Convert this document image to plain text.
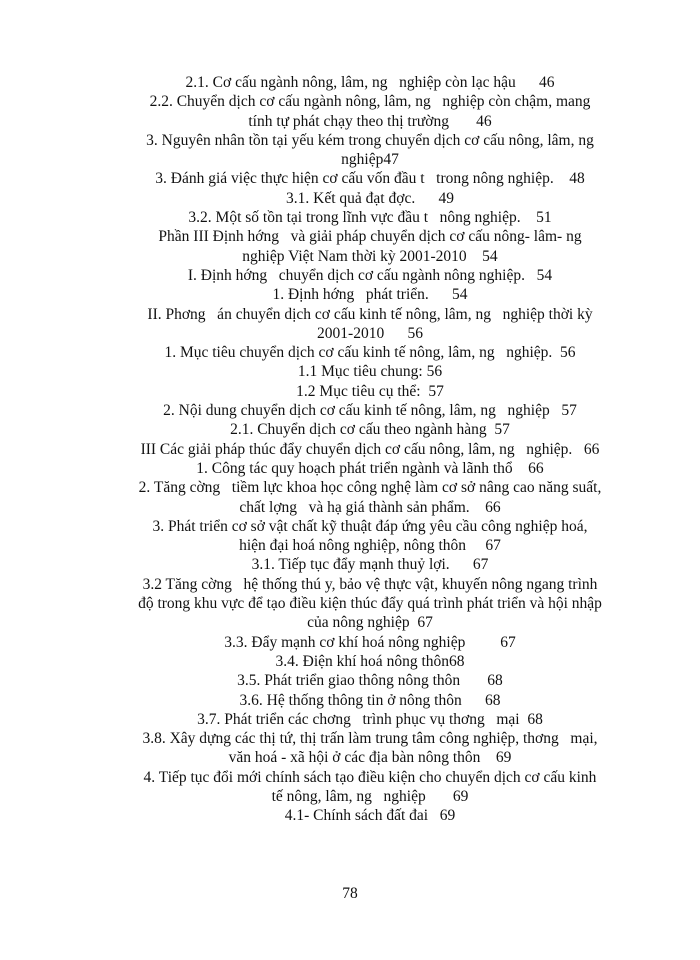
2.1. Cơ cấu ngành nông, lâm, ng   nghiệp còn lạc hậu      46
2.2. Chuyển dịch cơ cấu ngành nông, lâm, ng   nghiệp còn chậm, mang
tính tự phát chạy theo thị trường       46
3. Nguyên nhân tồn tại yếu kém trong chuyển dịch cơ cấu nông, lâm, ng
nghiệp47
3. Đánh giá việc thực hiện cơ cấu vốn đầu t   trong nông nghiệp.    48
3.1. Kết quả đạt đợc.      49
3.2. Một số tồn tại trong lĩnh vực đầu t   nông nghiệp.    51
Phần III Định hớng   và giải pháp chuyển dịch cơ cấu nông- lâm- ng
nghiệp Việt Nam thời kỳ 2001-2010    54
I. Định hớng   chuyển dịch cơ cấu ngành nông nghiệp.   54
1. Định hớng   phát triển.      54
II. Phơng   án chuyển dịch cơ cấu kinh tế nông, lâm, ng   nghiệp thời kỳ
2001-2010      56
1. Mục tiêu chuyển dịch cơ cấu kinh tế nông, lâm, ng   nghiệp.  56
1.1 Mục tiêu chung: 56
1.2 Mục tiêu cụ thể:  57
2. Nội dung chuyển dịch cơ cấu kinh tế nông, lâm, ng   nghiệp   57
2.1. Chuyển dịch cơ cấu theo ngành hàng  57
III Các giải pháp thúc đẩy chuyển dịch cơ cấu nông, lâm, ng   nghiệp.   66
1. Công tác quy hoạch phát triển ngành và lãnh thổ    66
2. Tăng cờng   tiềm lực khoa học công nghệ làm cơ sở nâng cao năng suất,
chất lợng   và hạ giá thành sản phẩm.    66
3. Phát triển cơ sở vật chất kỹ thuật đáp ứng yêu cầu công nghiệp hoá,
hiện đại hoá nông nghiệp, nông thôn     67
3.1. Tiếp tục đẩy mạnh thuỷ lợi.      67
3.2 Tăng cờng   hệ thống thú y, bảo vệ thực vật, khuyến nông ngang trình
độ trong khu vực để tạo điều kiện thúc đẩy quá trình phát triển và hội nhập
của nông nghiệp  67
3.3. Đẩy mạnh cơ khí hoá nông nghiệp         67
3.4. Điện khí hoá nông thôn68
3.5. Phát triển giao thông nông thôn       68
3.6. Hệ thống thông tin ở nông thôn      68
3.7. Phát triển các chơng   trình phục vụ thơng   mại  68
3.8. Xây dựng các thị tứ, thị trấn làm trung tâm công nghiệp, thơng   mại,
văn hoá - xã hội ở các địa bàn nông thôn    69
4. Tiếp tục đổi mới chính sách tạo điều kiện cho chuyển dịch cơ cấu kinh
tế nông, lâm, ng   nghiệp       69
4.1- Chính sách đất đai   69
78
